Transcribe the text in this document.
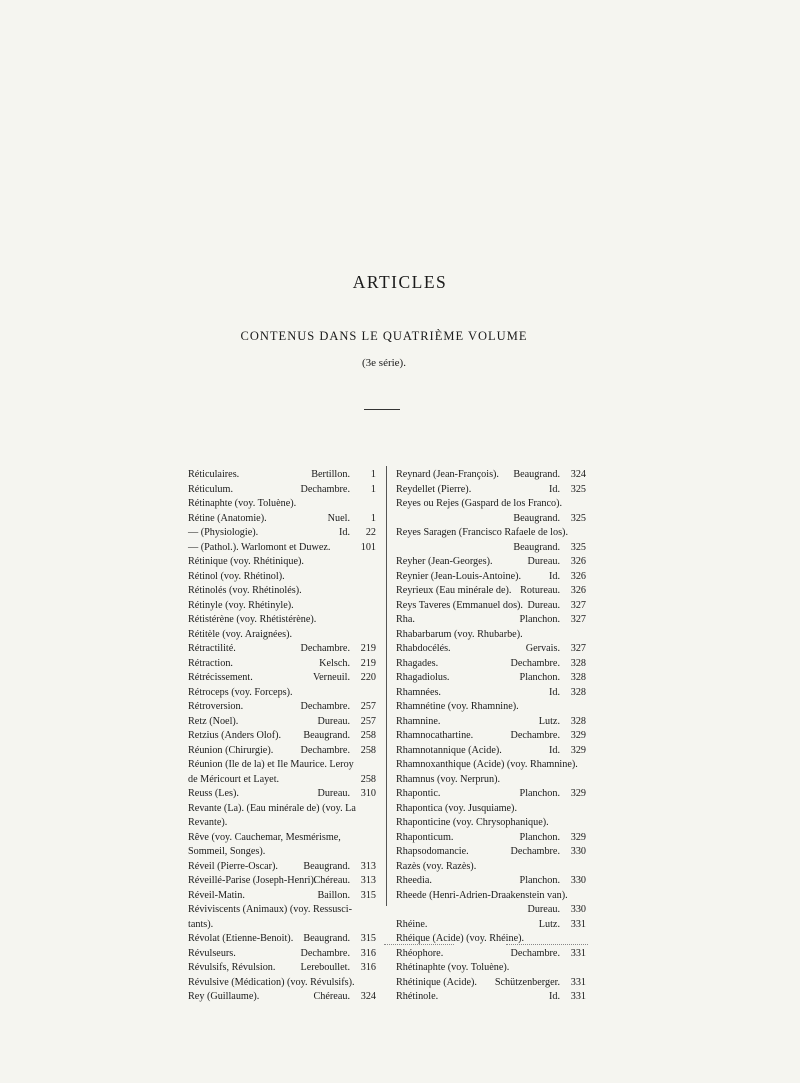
ARTICLES
CONTENUS DANS LE QUATRIÈME VOLUME
(3e série).
Réticulaires.	Bertillon. 1
Réticulum.	Dechambre. 1
Rétinaphte (voy. Toluène).
Rétine (Anatomie).	Nuel. 1
— (Physiologie).	Id. 22
— (Pathol.). Warlomont et Duwez.	101
Rétinique (voy. Rhétinique).
Rétinol (voy. Rhétinol).
Rétinolés (voy. Rhétinolés).
Rétinyle (voy. Rhétinyle).
Rétistérène (voy. Rhétistérène).
Rétitèle (voy. Araignées).
Rétractilité.	Dechambre. 219
Rétraction.	Kelsch. 219
Rétrécissement.	Verneuil. 220
Rétroceps (voy. Forceps).
Rétroversion.	Dechambre. 257
Retz (Noel).	Dureau. 257
Retzius (Anders Olof). Beaugrand. 258
Réunion (Chirurgie).	Dechambre. 258
Réunion (Ile de la) et Ile Maurice. Leroy
de Méricourt et Layet.	258
Reuss (Les).	Dureau. 310
Revante (La). (Eau minérale de) (voy. La
Revante).
Rêve (voy. Cauchemar, Mesmérisme,
Sommeil, Songes).
Réveil (Pierre-Oscar). Beaugrand. 313
Réveillé-Parise (Joseph-Henri).
Chéreau. 313
Réveil-Matin.	Baillon. 315
Réviviscents (Animaux) (voy. Ressusci-
tants).
Révolat (Etienne-Benoit). Beaugrand. 315
Révulseurs.	Dechambre. 316
Révulsifs, Révulsion. Lereboullet. 316
Révulsive (Médication) (voy. Révulsifs).
Rey (Guillaume).	Chéreau. 324
Reynard (Jean-François). Beaugrand. 324
Reydellet (Pierre).	Id. 325
Reyes ou Rejes (Gaspard de los Franco).
Beaugrand. 325
Reyes Saragen (Francisco Rafaele de los).
Beaugrand. 325
Reyher (Jean-Georges).	Dureau. 326
Reynier (Jean-Louis-Antoine).	Id. 326
Reyrieux (Eau minérale de). Rotureau. 326
Reys Taveres (Emmanuel dos). Dureau. 327
Rha.	Planchon. 327
Rhabarbarum (voy. Rhubarbe).
Rhabdocélés.	Gervais. 327
Rhagades.	Dechambre. 328
Rhagadiolus.	Planchon. 328
Rhamnées.	Id. 328
Rhamnétine (voy. Rhamnine).
Rhamnine.	Lutz. 328
Rhamnocathartine.	Dechambre. 329
Rhamnotannique (Acide).	Id. 329
Rhamnoxanthique (Acide) (voy. Rhamnine).
Rhamnus (voy. Nerprun).
Rhapontic.	Planchon. 329
Rhapontica (voy. Jusquiame).
Rhaponticine (voy. Chrysophanique).
Rhaponticum.	Planchon. 329
Rhapsodomancie.	Dechambre. 330
Razès (voy. Razès).
Rheedia.	Planchon. 330
Rheede (Henri-Adrien-Draakenstein van).
Dureau. 330
Rhéine.	Lutz. 331
Rhéique (Acide) (voy. Rhéine).
Rhéophore.	Dechambre. 331
Rhétinaphte (voy. Toluène).
Rhétinique (Acide). Schützenberger. 331
Rhétinole.	Id. 331
